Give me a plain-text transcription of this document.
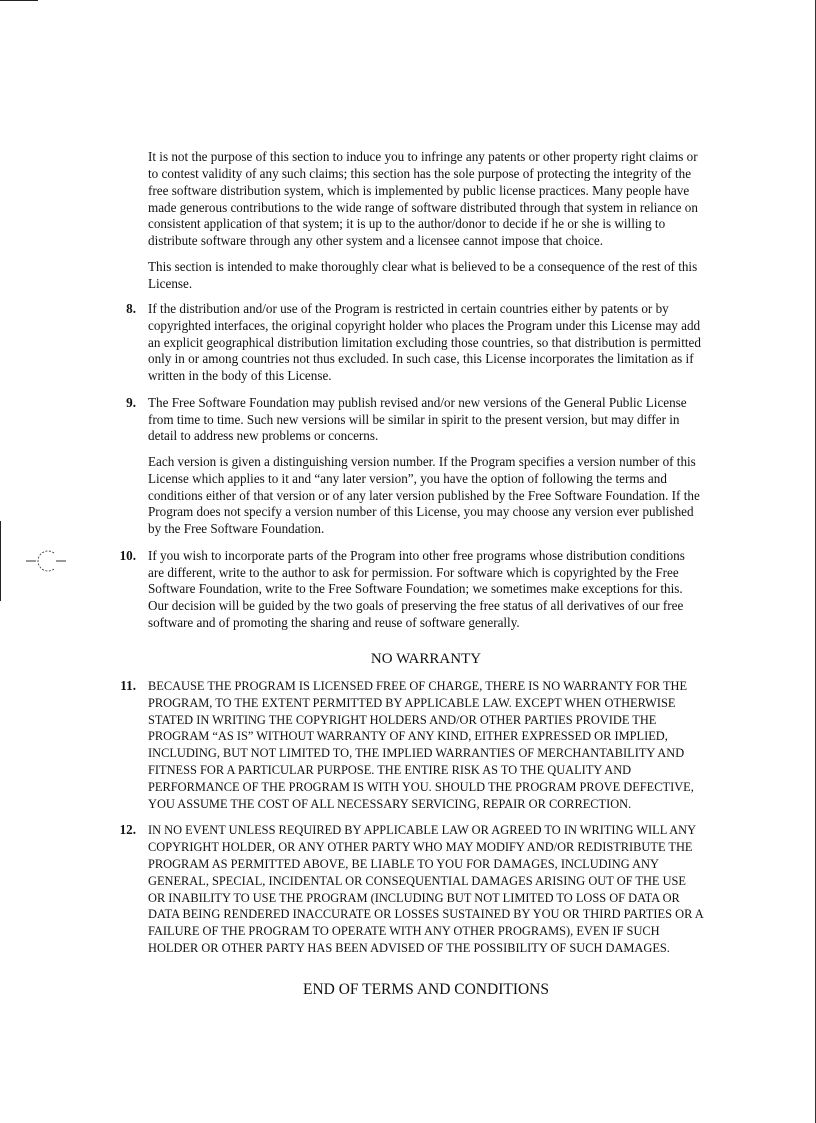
It is not the purpose of this section to induce you to infringe any patents or other property right claims or to contest validity of any such claims; this section has the sole purpose of protecting the integrity of the free software distribution system, which is implemented by public license practices. Many people have made generous contributions to the wide range of software distributed through that system in reliance on consistent application of that system; it is up to the author/donor to decide if he or she is willing to distribute software through any other system and a licensee cannot impose that choice.

This section is intended to make thoroughly clear what is believed to be a consequence of the rest of this License.

8. If the distribution and/or use of the Program is restricted in certain countries either by patents or by copyrighted interfaces, the original copyright holder who places the Program under this License may add an explicit geographical distribution limitation excluding those countries, so that distribution is permitted only in or among countries not thus excluded. In such case, this License incorporates the limitation as if written in the body of this License.

9. The Free Software Foundation may publish revised and/or new versions of the General Public License from time to time. Such new versions will be similar in spirit to the present version, but may differ in detail to address new problems or concerns.

Each version is given a distinguishing version number. If the Program specifies a version number of this License which applies to it and “any later version”, you have the option of following the terms and conditions either of that version or of any later version published by the Free Software Foundation. If the Program does not specify a version number of this License, you may choose any version ever published by the Free Software Foundation.

10. If you wish to incorporate parts of the Program into other free programs whose distribution conditions are different, write to the author to ask for permission. For software which is copyrighted by the Free Software Foundation, write to the Free Software Foundation; we sometimes make exceptions for this. Our decision will be guided by the two goals of preserving the free status of all derivatives of our free software and of promoting the sharing and reuse of software generally.

NO WARRANTY
11. BECAUSE THE PROGRAM IS LICENSED FREE OF CHARGE, THERE IS NO WARRANTY FOR THE PROGRAM, TO THE EXTENT PERMITTED BY APPLICABLE LAW. EXCEPT WHEN OTHERWISE STATED IN WRITING THE COPYRIGHT HOLDERS AND/OR OTHER PARTIES PROVIDE THE PROGRAM “AS IS” WITHOUT WARRANTY OF ANY KIND, EITHER EXPRESSED OR IMPLIED, INCLUDING, BUT NOT LIMITED TO, THE IMPLIED WARRANTIES OF MERCHANTABILITY AND FITNESS FOR A PARTICULAR PURPOSE. THE ENTIRE RISK AS TO THE QUALITY AND PERFORMANCE OF THE PROGRAM IS WITH YOU. SHOULD THE PROGRAM PROVE DEFECTIVE, YOU ASSUME THE COST OF ALL NECESSARY SERVICING, REPAIR OR CORRECTION.

12. IN NO EVENT UNLESS REQUIRED BY APPLICABLE LAW OR AGREED TO IN WRITING WILL ANY COPYRIGHT HOLDER, OR ANY OTHER PARTY WHO MAY MODIFY AND/OR REDISTRIBUTE THE PROGRAM AS PERMITTED ABOVE, BE LIABLE TO YOU FOR DAMAGES, INCLUDING ANY GENERAL, SPECIAL, INCIDENTAL OR CONSEQUENTIAL DAMAGES ARISING OUT OF THE USE OR INABILITY TO USE THE PROGRAM (INCLUDING BUT NOT LIMITED TO LOSS OF DATA OR DATA BEING RENDERED INACCURATE OR LOSSES SUSTAINED BY YOU OR THIRD PARTIES OR A FAILURE OF THE PROGRAM TO OPERATE WITH ANY OTHER PROGRAMS), EVEN IF SUCH HOLDER OR OTHER PARTY HAS BEEN ADVISED OF THE POSSIBILITY OF SUCH DAMAGES.

END OF TERMS AND CONDITIONS
